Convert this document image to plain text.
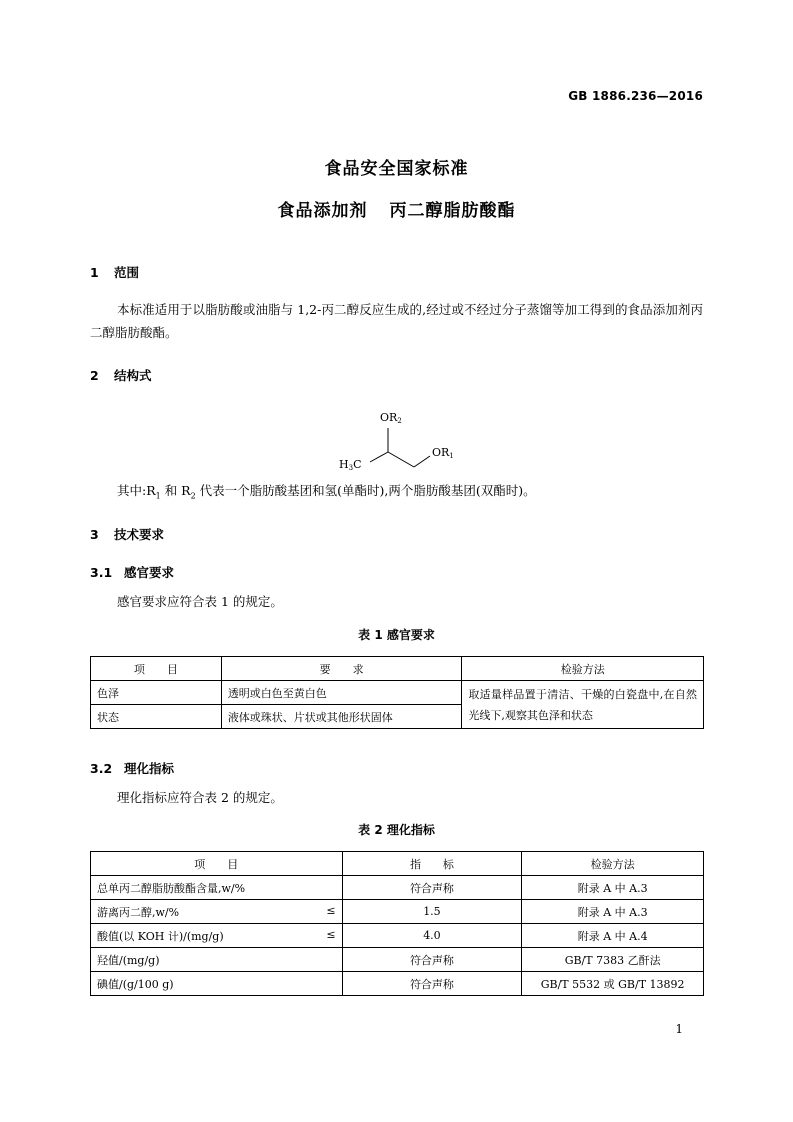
GB 1886.236—2016
食品安全国家标准
食品添加剂 丙二醇脂肪酸酯
1 范围
本标准适用于以脂肪酸或油脂与 1,2-丙二醇反应生成的,经过或不经过分子蒸馏等加工得到的食品添加剂丙二醇脂肪酸酯。
2 结构式
OR2
OR1
H3C
其中$:R_1$ 和 $R_2$ 代表一个脂肪酸基团和氢(单酯时),两个脂肪酸基团(双酯时)。
3 技术要求
3.1 感官要求
感官要求应符合表 1 的规定。
表 1 感官要求
项　　目	要　　求	检验方法
色泽	透明或白色至黄白色	取适量样品置于清洁、干燥的白瓷盘中,在自然光线下,观察其色泽和状态
状态	液体或珠状、片状或其他形状固体	
3.2 理化指标
理化指标应符合表 2 的规定。
表 2 理化指标
项　　目	指　　标	检验方法
总单丙二醇脂肪酸酯含量,w/%	符合声称	附录 A 中 A.3
游离丙二醇,w/% ≤	1.5	附录 A 中 A.3
酸值(以 KOH 计)/(mg/g) ≤	4.0	附录 A 中 A.4
羟值/(mg/g)	符合声称	GB/T 7383 乙酐法
碘值/(g/100 g)	符合声称	GB/T 5532 或 GB/T 13892
1
